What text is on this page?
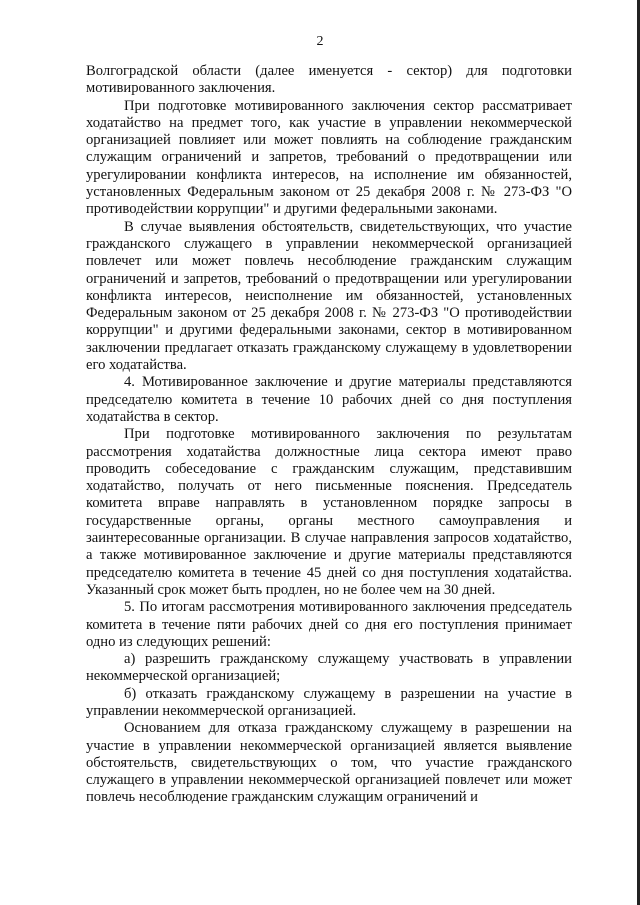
2

Волгоградской области (далее именуется - сектор) для подготовки мотивированного заключения.

При подготовке мотивированного заключения сектор рассматривает ходатайство на предмет того, как участие в управлении некоммерческой организацией повлияет или может повлиять на соблюдение гражданским служащим ограничений и запретов, требований о предотвращении или урегулировании конфликта интересов, на исполнение им обязанностей, установленных Федеральным законом от 25 декабря 2008 г. № 273-ФЗ "О противодействии коррупции" и другими федеральными законами.

В случае выявления обстоятельств, свидетельствующих, что участие гражданского служащего в управлении некоммерческой организацией повлечет или может повлечь несоблюдение гражданским служащим ограничений и запретов, требований о предотвращении или урегулировании конфликта интересов, неисполнение им обязанностей, установленных Федеральным законом от 25 декабря 2008 г. № 273-ФЗ "О противодействии коррупции" и другими федеральными законами, сектор в мотивированном заключении предлагает отказать гражданскому служащему в удовлетворении его ходатайства.

4. Мотивированное заключение и другие материалы представляются председателю комитета в течение 10 рабочих дней со дня поступления ходатайства в сектор.

При подготовке мотивированного заключения по результатам рассмотрения ходатайства должностные лица сектора имеют право проводить собеседование с гражданским служащим, представившим ходатайство, получать от него письменные пояснения. Председатель комитета вправе направлять в установленном порядке запросы в государственные органы, органы местного самоуправления и заинтересованные организации. В случае направления запросов ходатайство, а также мотивированное заключение и другие материалы представляются председателю комитета в течение 45 дней со дня поступления ходатайства. Указанный срок может быть продлен, но не более чем на 30 дней.

5. По итогам рассмотрения мотивированного заключения председатель комитета в течение пяти рабочих дней со дня его поступления принимает одно из следующих решений:

а) разрешить гражданскому служащему участвовать в управлении некоммерческой организацией;

б) отказать гражданскому служащему в разрешении на участие в управлении некоммерческой организацией.

Основанием для отказа гражданскому служащему в разрешении на участие в управлении некоммерческой организацией является выявление обстоятельств, свидетельствующих о том, что участие гражданского служащего в управлении некоммерческой организацией повлечет или может повлечь несоблюдение гражданским служащим ограничений и
